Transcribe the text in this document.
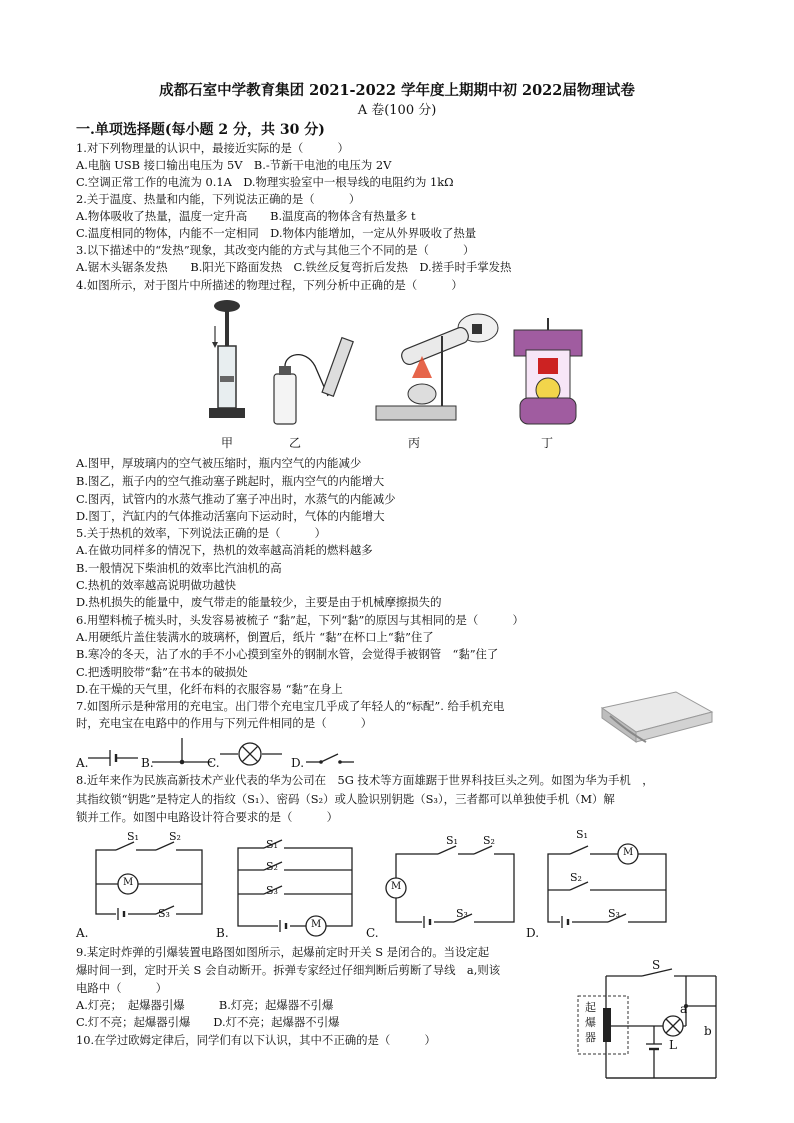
成都石室中学教育集团 2021-2022 学年度上期期中初 2022届物理试卷
A 卷(100 分)
一.单项选择题(每小题 2 分，共 30 分)
1.对下列物理量的认识中，最接近实际的是（　　　）
A.电脑 USB 接口输出电压为 5V　B.-节新干电池的电压为 2V
C.空调正常工作的电流为 0.1A　D.物理实验室中一根导线的电阻约为 1kΩ
2.关于温度、热量和内能，下列说法正确的是（　　　）
A.物体吸收了热量，温度一定升高　　B.温度高的物体含有热量多 t
C.温度相同的物体，内能不一定相同　D.物体内能增加，一定从外界吸收了热量
3.以下描述中的“发热”现象，其改变内能的方式与其他三个不同的是（　　　）
A.锯木头锯条发热　　B.阳光下路面发热　C.铁丝反复弯折后发热　D.搓手时手掌发热
4.如图所示，对于图片中所描述的物理过程，下列分析中正确的是（　　　）
甲	乙	丙	丁
A.图甲，厚玻璃内的空气被压缩时，瓶内空气的内能减少
B.图乙，瓶子内的空气推动塞子跳起时，瓶内空气的内能增大
C.图丙，试管内的水蒸气推动了塞子冲出时，水蒸气的内能减少
D.图丁，汽缸内的气体推动活塞向下运动时，气体的内能增大
5.关于热机的效率，下列说法正确的是（　　　）
A.在做功同样多的情况下，热机的效率越高消耗的燃料越多
B.一般情况下柴油机的效率比汽油机的高
C.热机的效率越高说明做功越快
D.热机损失的能量中，废气带走的能量较少，主要是由于机械摩擦损失的
6.用塑料梳子梳头时，头发容易被梳子 “黏”起，下列“黏”的原因与其相同的是（　　　）
A.用硬纸片盖住装满水的玻璃杯，倒置后，纸片 “黏”在杯口上“黏”住了
B.寒冷的冬天，沾了水的手不小心摸到室外的钢制水管，会觉得手被钢管　“黏”住了
C.把透明胶带“黏”在书本的破损处
D.在干燥的天气里，化纤布料的衣服容易 “黏”在身上
7.如图所示是种常用的充电宝。出门带个充电宝几乎成了年轻人的“标配”. 给手机充电
时，充电宝在电路中的作用与下列元件相同的是（　　　）
A.	B.	C.	D.
8.近年来作为民族高新技术产业代表的华为公司在　5G 技术等方面雄踞于世界科技巨头之列。如图为华为手机　，
其指纹锁“钥匙”是特定人的指纹（S₁）、密码（S₂）或人脸识别钥匙（S₃），三者都可以单独使手机（M）解
锁并工作。如图中电路设计符合要求的是（　　　）
S₁	S₂
M
S₃
A.
S₁
S₂
S₃
M
B.
S₁ S₂
M
S₃
C.
S₁
M
S₂
S₃
D.
9.某定时炸弹的引爆装置电路图如图所示，起爆前定时开关 S 是闭合的。当设定起
爆时间一到，定时开关 S 会自动断开。拆弹专家经过仔细判断后剪断了导线　a,则该
电路中（　　　）
A.灯亮；　起爆器引爆　　　B.灯亮；起爆器不引爆
C.灯不亮；起爆器引爆　　D.灯不亮；起爆器不引爆
10.在学过欧姆定律后，同学们有以下认识，其中不正确的是（　　　）
S
a
b
L
起爆器
